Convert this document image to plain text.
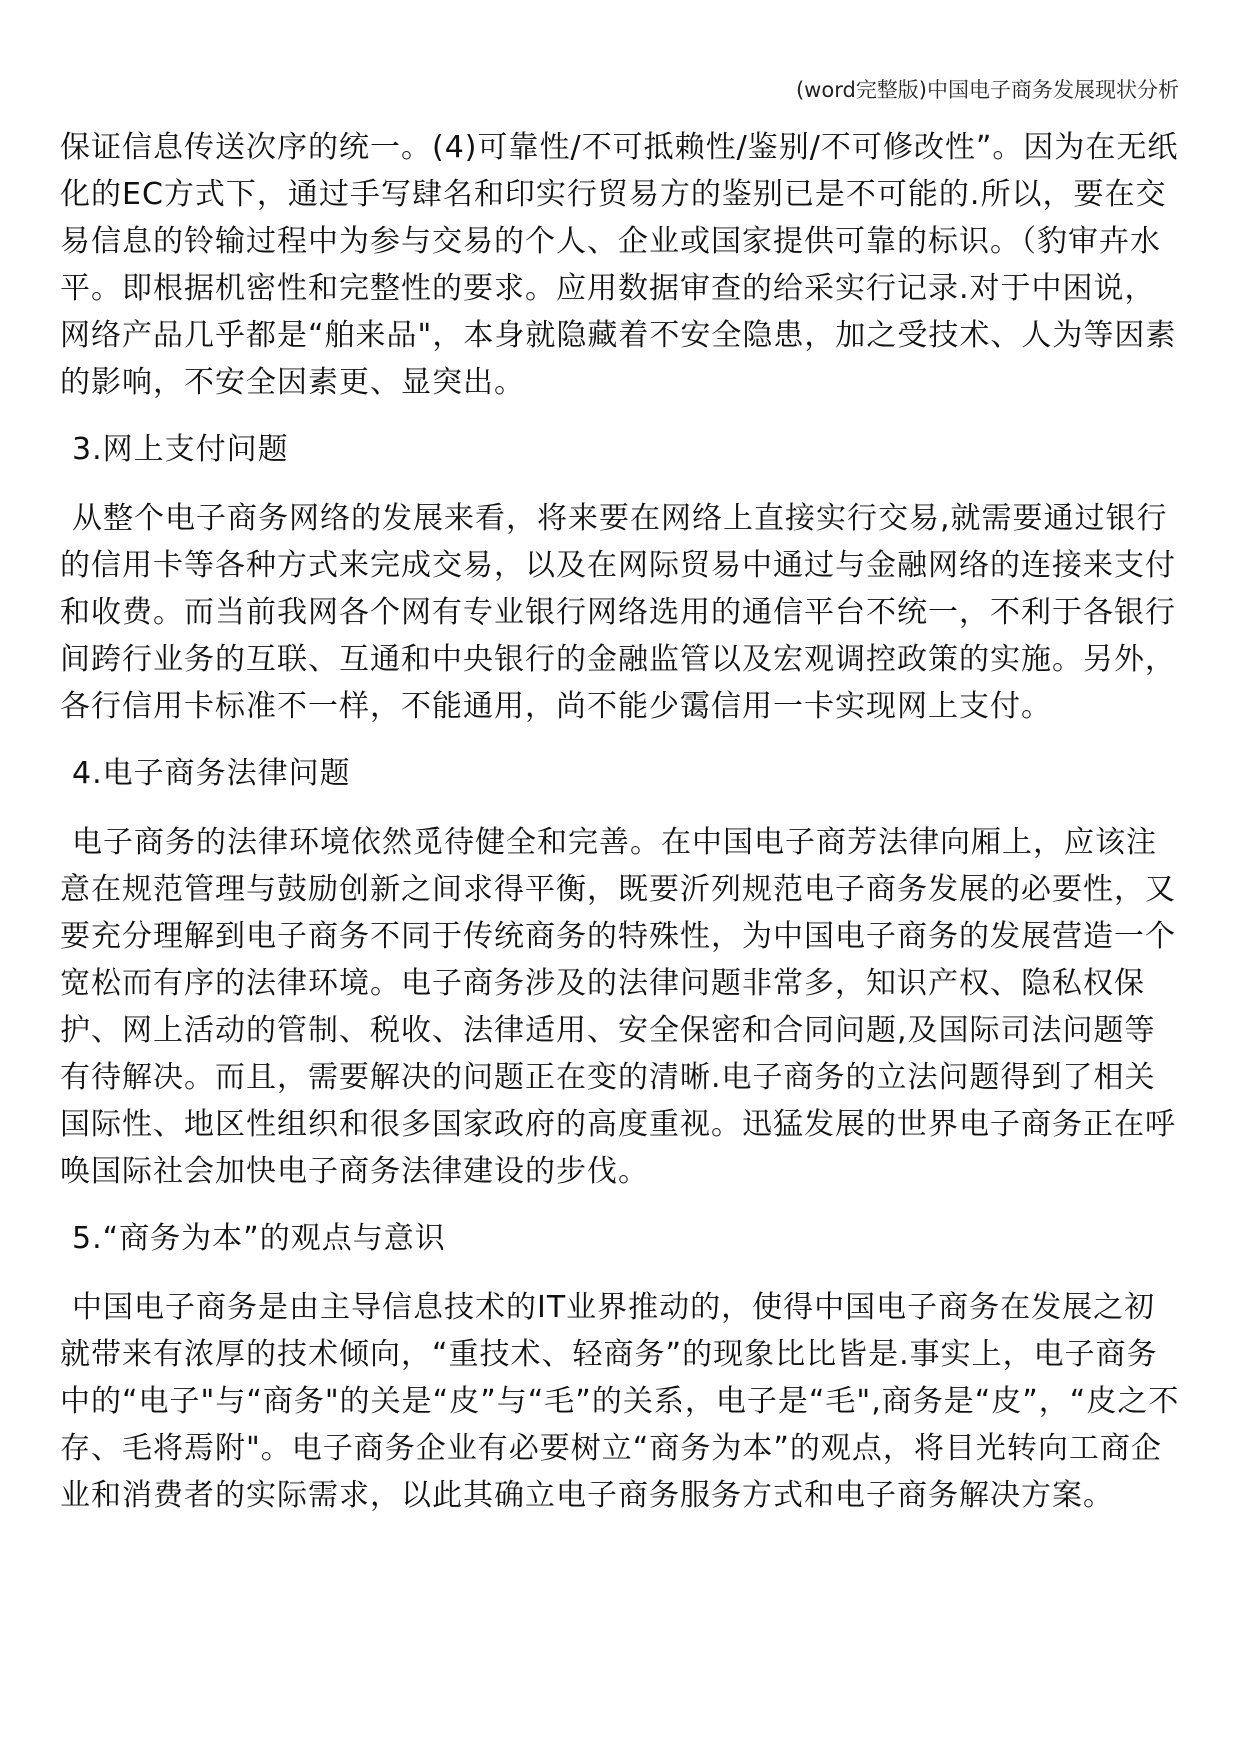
(word完整版)中国电子商务发展现状分析

保证信息传送次序的统一。(4)可靠性/不可抵赖性/鉴别/不可修改性”。因为在无纸化的EC方式下，通过手写肆名和印实行贸易方的鉴别已是不可能的.所以，要在交易信息的铃输过程中为参与交易的个人、企业或国家提供可靠的标识。（豹审卉水平。即根据机密性和完整性的要求。应用数据审查的给采实行记录.对于中困说，网络产品几乎都是“舶来品"，本身就隐藏着不安全隐患，加之受技术、人为等因素的影响，不安全因素更、显突出。

3.网上支付问题

从整个电子商务网络的发展来看，将来要在网络上直接实行交易,就需要通过银行的信用卡等各种方式来完成交易，以及在网际贸易中通过与金融网络的连接来支付和收费。而当前我网各个网有专业银行网络选用的通信平台不统一，不利于各银行间跨行业务的互联、互通和中央银行的金融监管以及宏观调控政策的实施。另外，各行信用卡标准不一样，不能通用，尚不能少霭信用一卡实现网上支付。

4.电子商务法律问题

电子商务的法律环境依然觅待健全和完善。在中国电子商芳法律向厢上，应该注意在规范管理与鼓励创新之间求得平衡，既要沂列规范电子商务发展的必要性，又要充分理解到电子商务不同于传统商务的特殊性，为中国电子商务的发展营造一个宽松而有序的法律环境。电子商务涉及的法律问题非常多，知识产权、隐私权保护、网上活动的管制、税收、法律适用、安全保密和合同问题,及国际司法问题等有待解决。而且，需要解决的问题正在变的清晰.电子商务的立法问题得到了相关国际性、地区性组织和很多国家政府的高度重视。迅猛发展的世界电子商务正在呼唤国际社会加快电子商务法律建设的步伐。

5.“商务为本”的观点与意识

中国电子商务是由主导信息技术的IT业界推动的，使得中国电子商务在发展之初就带来有浓厚的技术倾向，“重技术、轻商务”的现象比比皆是.事实上，电子商务中的“电子"与“商务"的关是“皮”与“毛”的关系，电子是“毛",商务是“皮”，“皮之不存、毛将焉附"。电子商务企业有必要树立“商务为本”的观点，将目光转向工商企业和消费者的实际需求，以此其确立电子商务服务方式和电子商务解决方案。
